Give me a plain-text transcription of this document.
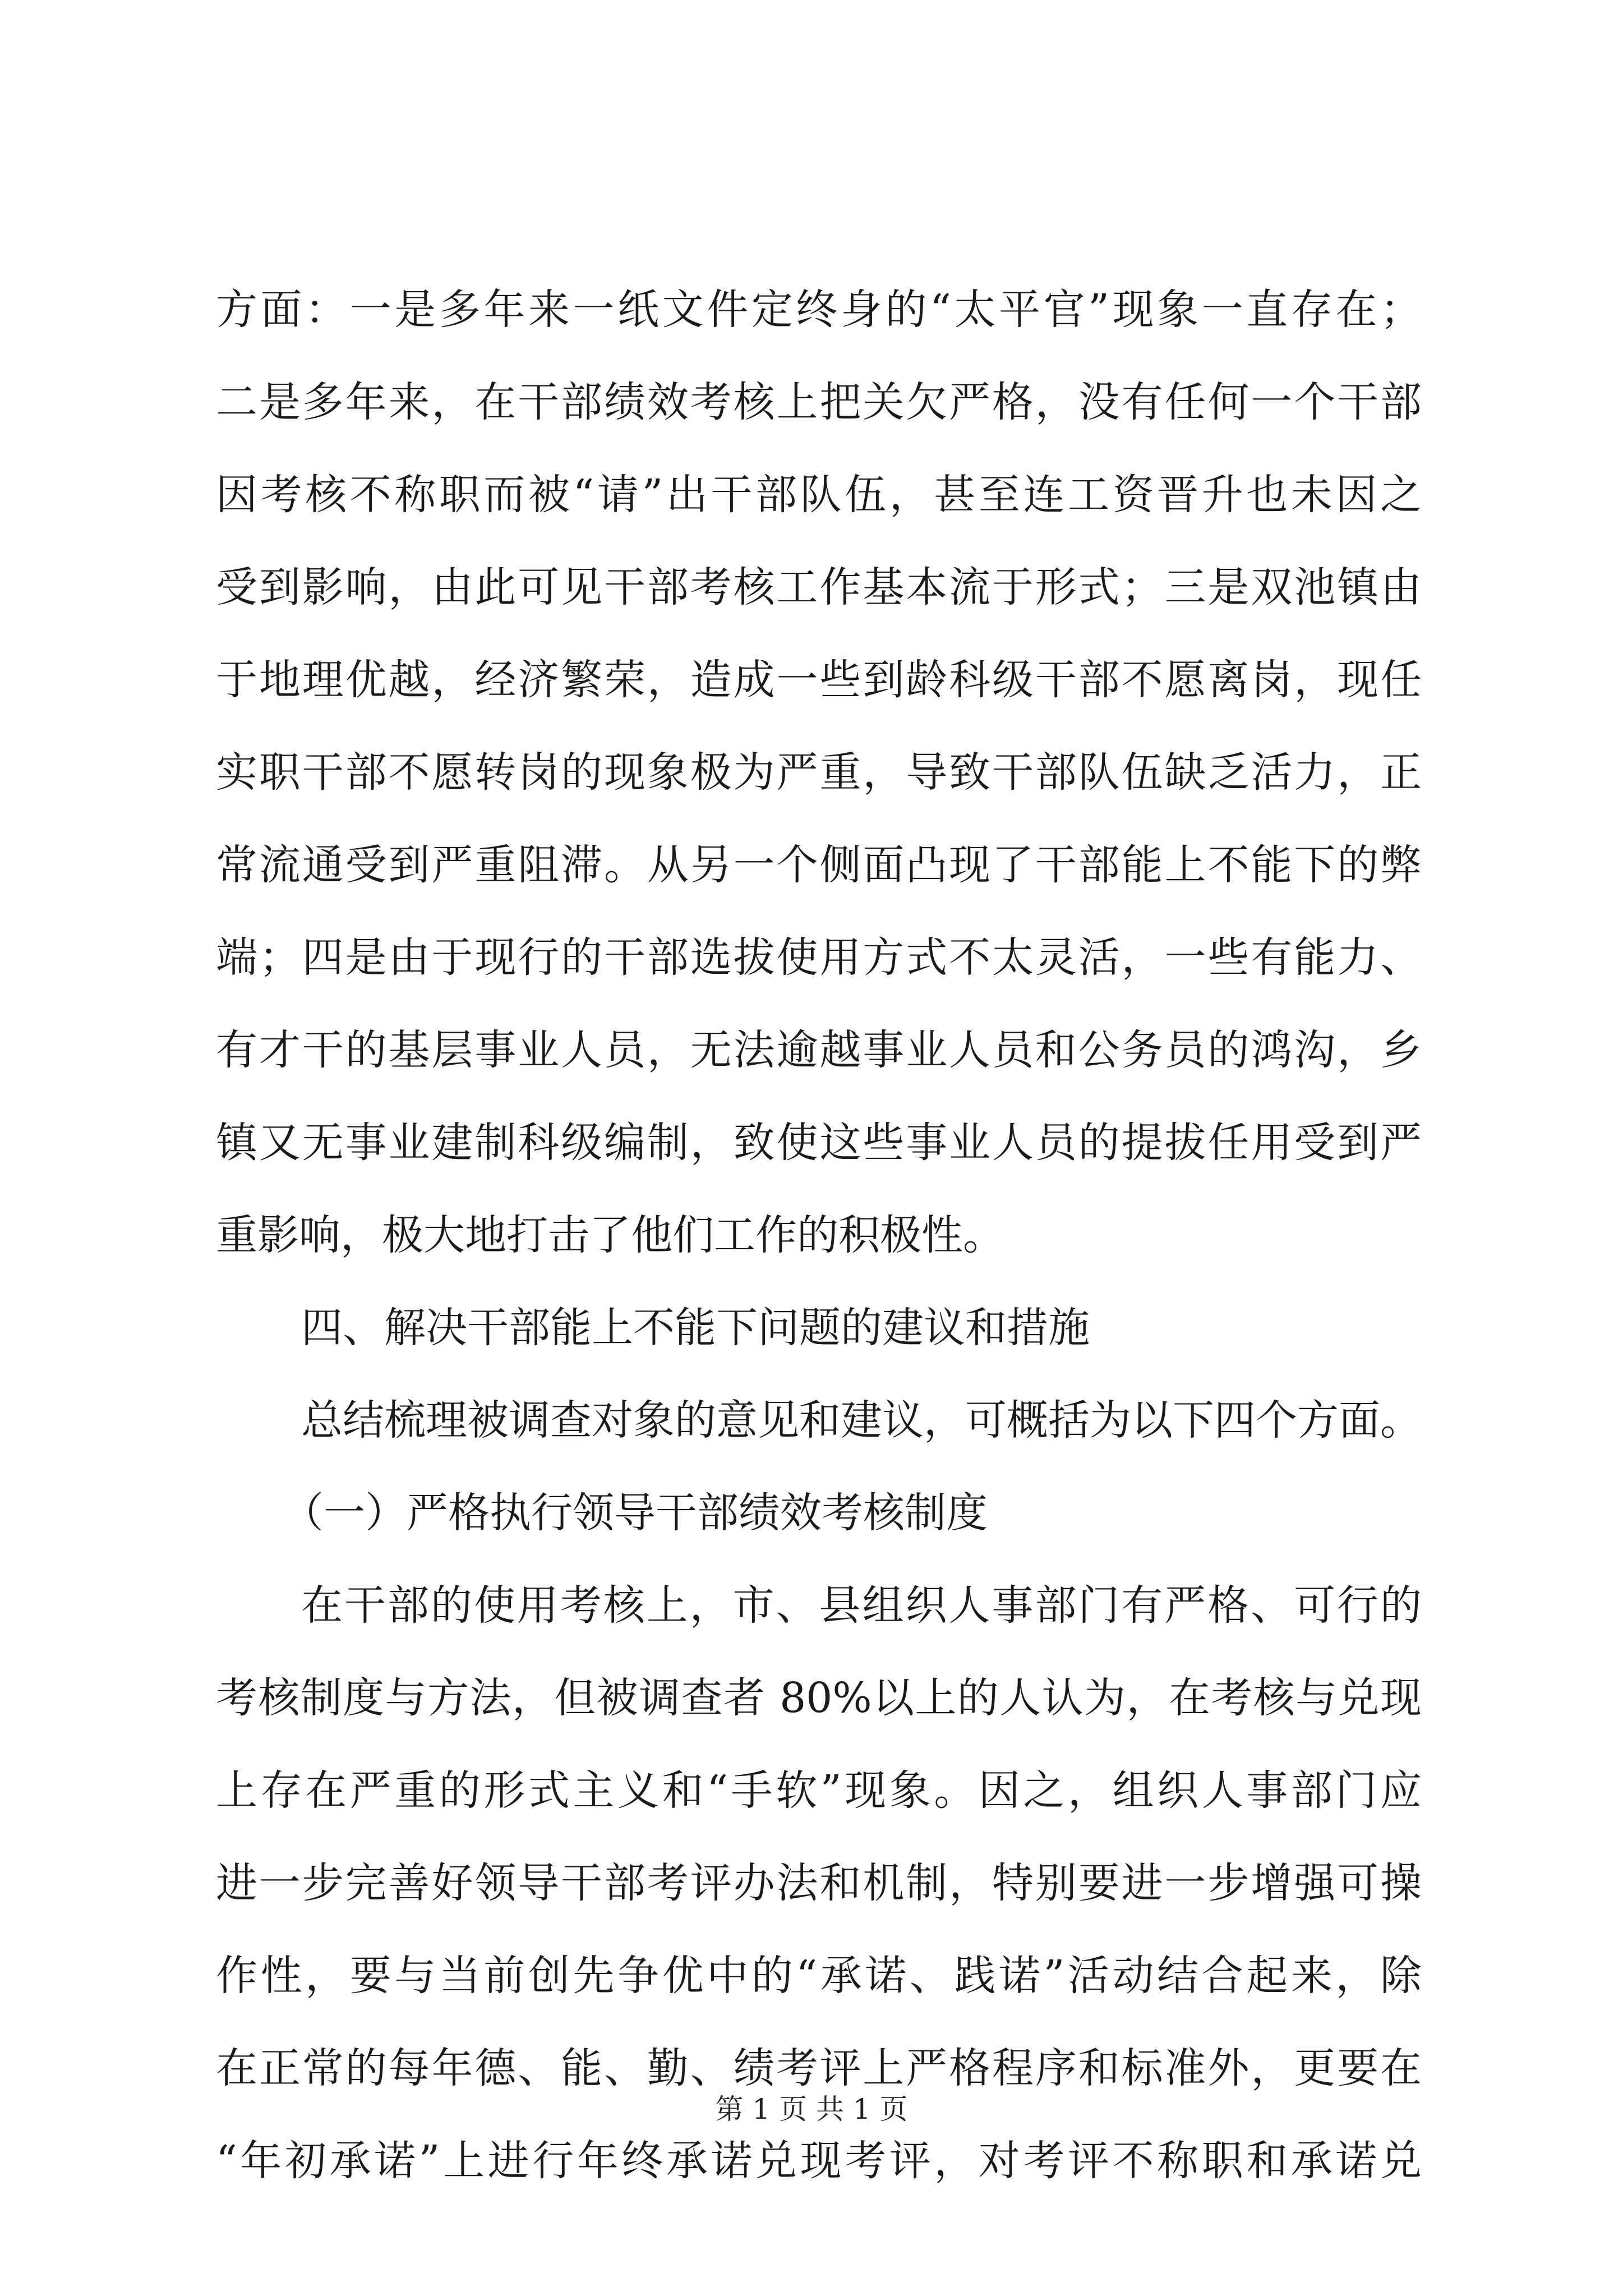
方面：一是多年来一纸文件定终身的“太平官”现象一直存在；
二是多年来，在干部绩效考核上把关欠严格，没有任何一个干部
因考核不称职而被“请”出干部队伍，甚至连工资晋升也未因之
受到影响，由此可见干部考核工作基本流于形式；三是双池镇由
于地理优越，经济繁荣，造成一些到龄科级干部不愿离岗，现任
实职干部不愿转岗的现象极为严重，导致干部队伍缺乏活力，正
常流通受到严重阻滞。从另一个侧面凸现了干部能上不能下的弊
端；四是由于现行的干部选拔使用方式不太灵活，一些有能力、
有才干的基层事业人员，无法逾越事业人员和公务员的鸿沟，乡
镇又无事业建制科级编制，致使这些事业人员的提拔任用受到严
重影响，极大地打击了他们工作的积极性。
四、解决干部能上不能下问题的建议和措施
总结梳理被调查对象的意见和建议，可概括为以下四个方面。
（一）严格执行领导干部绩效考核制度
在干部的使用考核上，市、县组织人事部门有严格、可行的
考核制度与方法，但被调查者 80%以上的人认为，在考核与兑现
上存在严重的形式主义和“手软”现象。因之，组织人事部门应
进一步完善好领导干部考评办法和机制，特别要进一步增强可操
作性，要与当前创先争优中的“承诺、践诺”活动结合起来，除
在正常的每年德、能、勤、绩考评上严格程序和标准外，更要在
“年初承诺”上进行年终承诺兑现考评，对考评不称职和承诺兑
第 1 页 共 1 页
